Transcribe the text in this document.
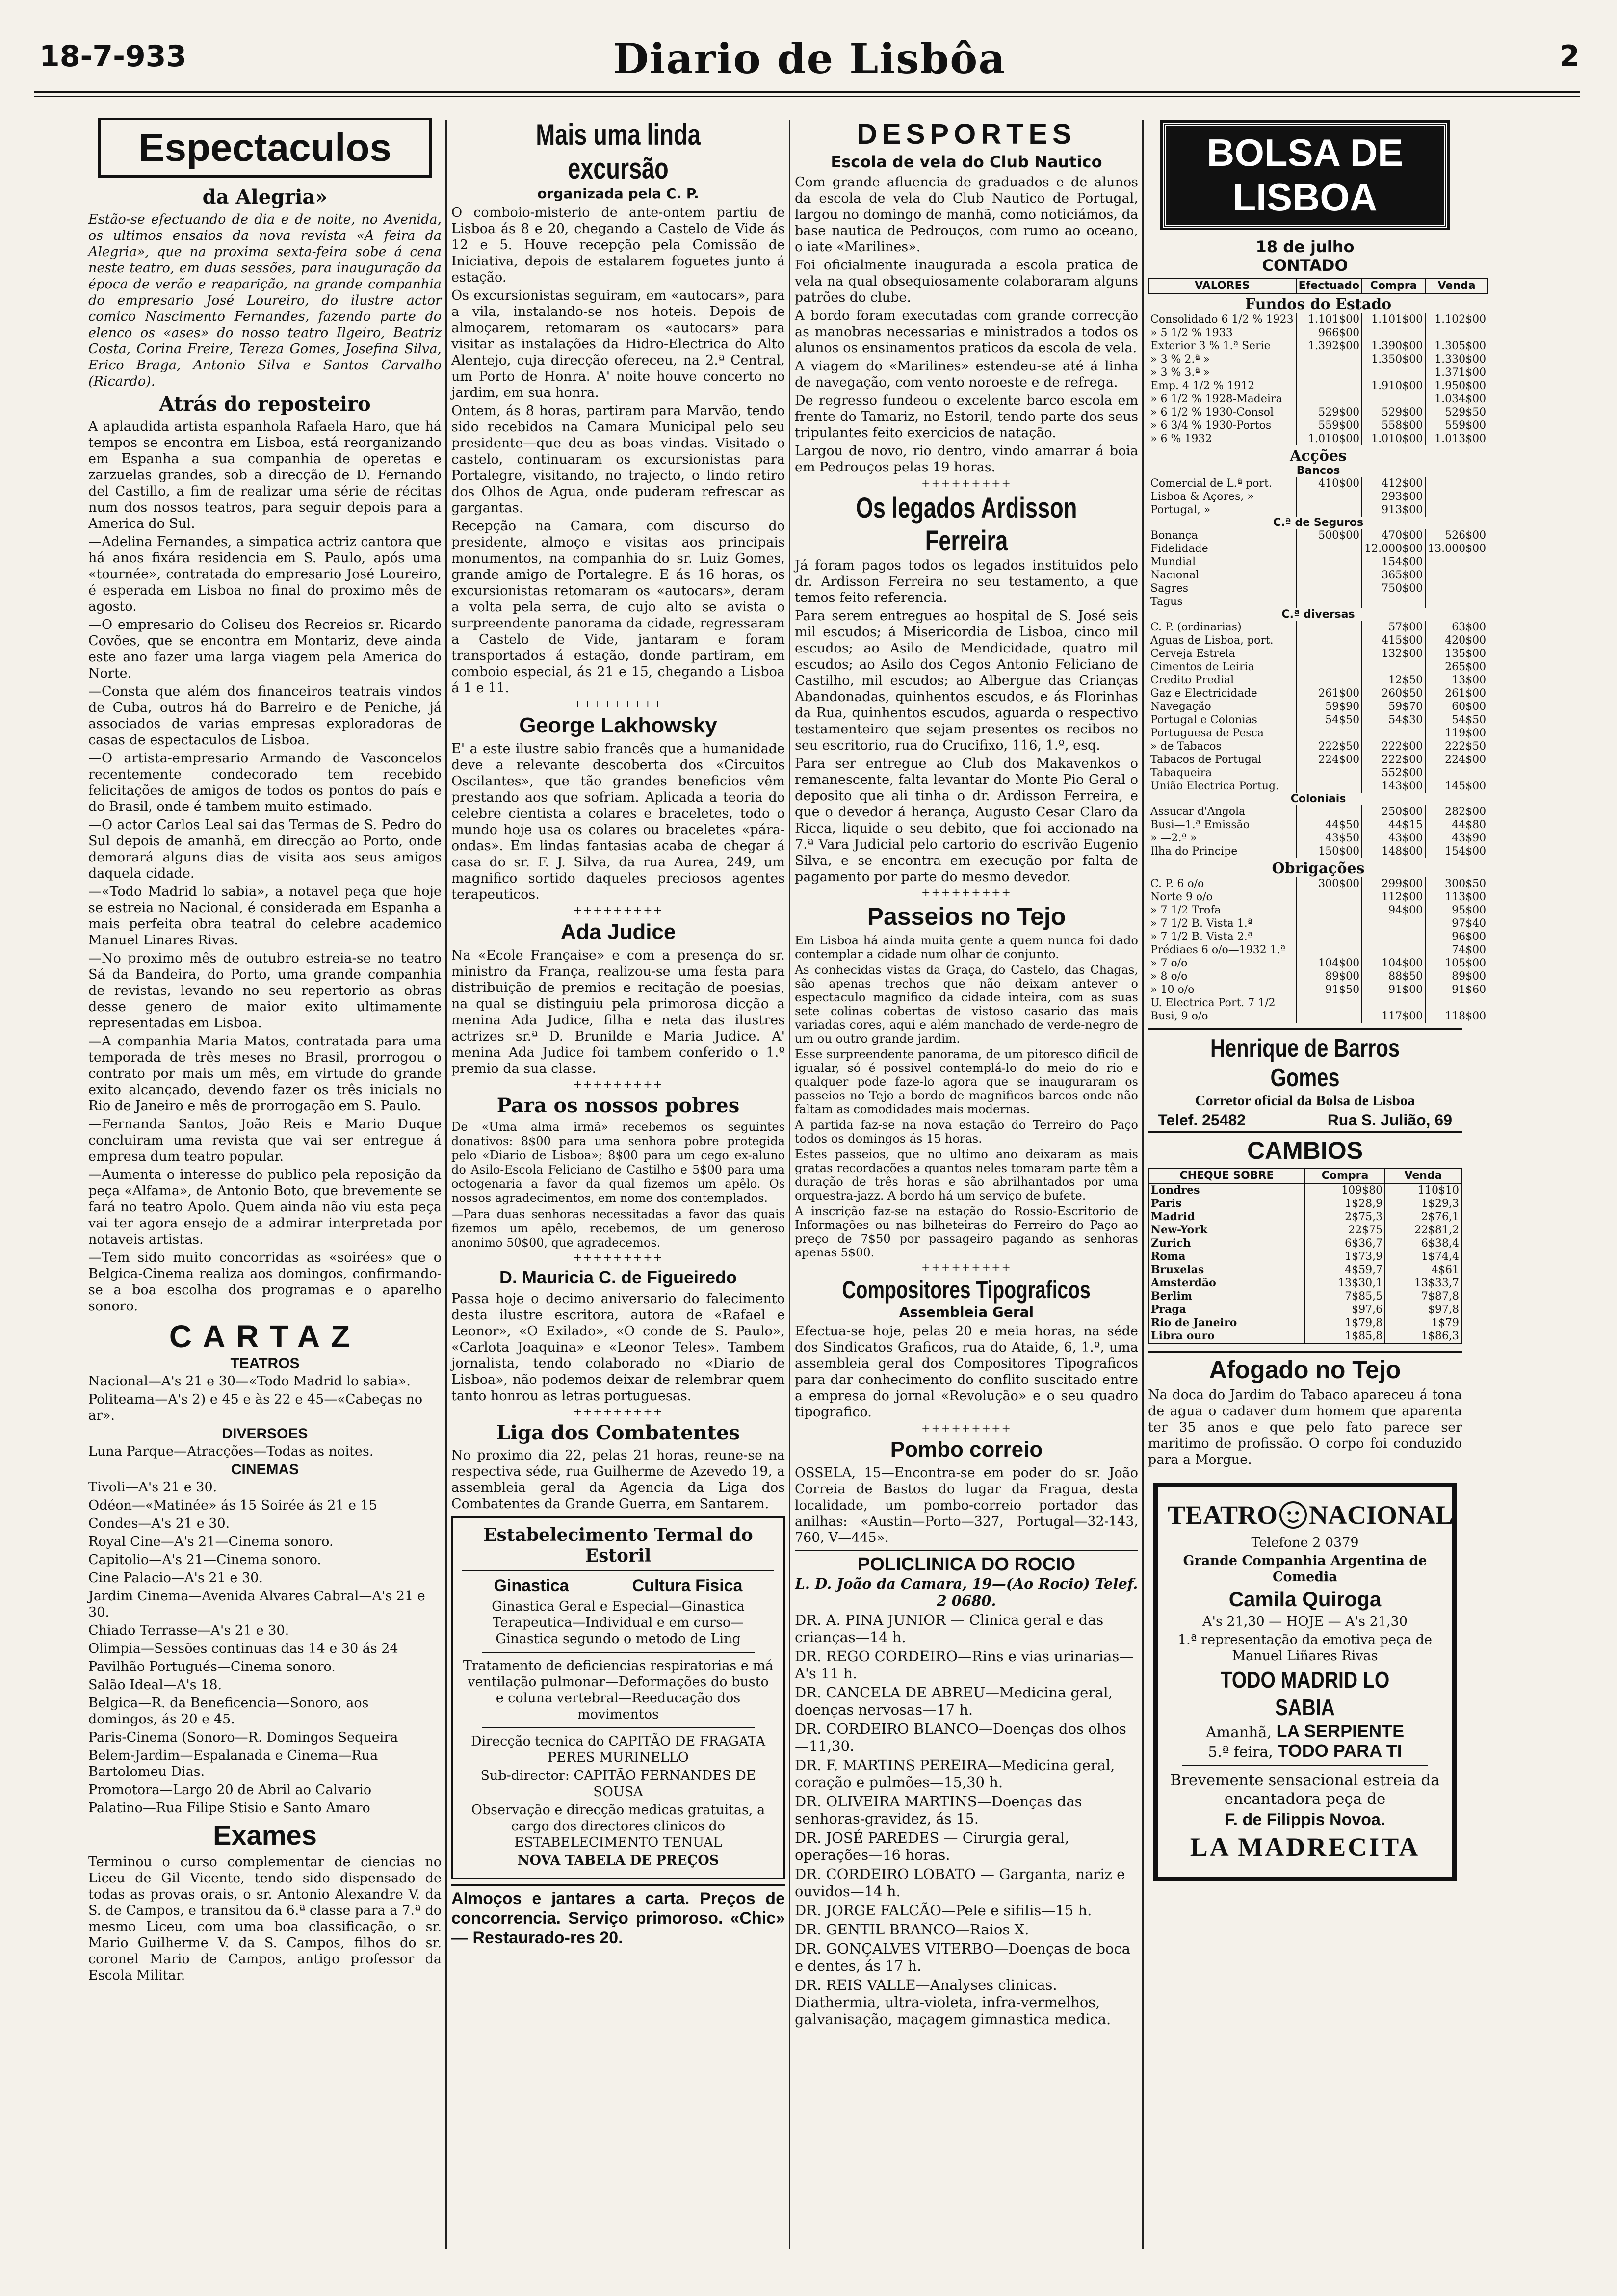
18-7-933	Diario de Lisbôa	2
Espectaculos
da Alegria»

Estão-se efectuando de dia e de noite, no Avenida, os ultimos ensaios da nova revista «A feira da Alegria», que na proxima sexta-feira sobe á cena neste teatro, em duas sessões, para inauguração da época de verão e reaparição, na grande companhia do empresario José Loureiro, do ilustre actor comico Nascimento Fernandes, fazendo parte do elenco os «ases» do nosso teatro Ilgeiro, Beatriz Costa, Corina Freire, Tereza Gomes, Josefina Silva, Erico Braga, Antonio Silva e Santos Carvalho (Ricardo).

Atrás do reposteiro

A aplaudida artista espanhola Rafaela Haro, que há tempos se encontra em Lisboa, está reorganizando em Espanha a sua companhia de operetas e zarzuelas grandes, sob a direcção de D. Fernando del Castillo, a fim de realizar uma série de récitas num dos nossos teatros, para seguir depois para a America do Sul.

—Adelina Fernandes, a simpatica actriz cantora que há anos fixára residencia em S. Paulo, após uma «tournée», contratada do empresario José Loureiro, é esperada em Lisboa no final do proximo mês de agosto.

—O empresario do Coliseu dos Recreios sr. Ricardo Covões, que se encontra em Montariz, deve ainda este ano fazer uma larga viagem pela America do Norte.

—Consta que além dos financeiros teatrais vindos de Cuba, outros há do Barreiro e de Peniche, já associados de varias empresas exploradoras de casas de espectaculos de Lisboa.

—O artista-empresario Armando de Vasconcelos recentemente condecorado tem recebido felicitações de amigos de todos os pontos do país e do Brasil, onde é tambem muito estimado.

—O actor Carlos Leal sai das Termas de S. Pedro do Sul depois de amanhã, em direcção ao Porto, onde demorará alguns dias de visita aos seus amigos daquela cidade.

—«Todo Madrid lo sabia», a notavel peça que hoje se estreia no Nacional, é considerada em Espanha a mais perfeita obra teatral do celebre academico Manuel Linares Rivas.

—No proximo mês de outubro estreia-se no teatro Sá da Bandeira, do Porto, uma grande companhia de revistas, levando no seu repertorio as obras desse genero de maior exito ultimamente representadas em Lisboa.

—A companhia Maria Matos, contratada para uma temporada de três meses no Brasil, prorrogou o contrato por mais um mês, em virtude do grande exito alcançado, devendo fazer os três inicials no Rio de Janeiro e mês de prorrogação em S. Paulo.

—Fernanda Santos, João Reis e Mario Duque concluiram uma revista que vai ser entregue á empresa dum teatro popular.

—Aumenta o interesse do publico pela reposição da peça «Alfama», de Antonio Boto, que brevemente se fará no teatro Apolo. Quem ainda não viu esta peça vai ter agora ensejo de a admirar interpretada por notaveis artistas.

—Tem sido muito concorridas as «soirées» que o Belgica-Cinema realiza aos domingos, confirmando-se a boa escolha dos programas e o aparelho sonoro.

CARTAZ
TEATROS

Nacional—A's 21 e 30—«Todo Madrid lo sabia».

Politeama—A's 2) e 45 e às 22 e 45—«Cabeças no ar».

DIVERSOES

Luna Parque—Atracções—Todas as noites.

CINEMAS

Tivoli—A's 21 e 30.

Odéon—«Matinée» ás 15 Soirée ás 21 e 15

Condes—A's 21 e 30.

Royal Cine—A's 21—Cinema sonoro.

Capitolio—A's 21—Cinema sonoro.

Cine Palacio—A's 21 e 30.

Jardim Cinema—Avenida Alvares Cabral—A's 21 e 30.

Chiado Terrasse—A's 21 e 30.

Olimpia—Sessões continuas das 14 e 30 ás 24

Pavilhão Portugués—Cinema sonoro.

Salão Ideal—A's 18.

Belgica—R. da Beneficencia—Sonoro, aos domingos, ás 20 e 45.

Paris-Cinema (Sonoro—R. Domingos Sequeira

Belem-Jardim—Espalanada e Cinema—Rua Bartolomeu Dias.

Promotora—Largo 20 de Abril ao Calvario

Palatino—Rua Filipe Stisio e Santo Amaro

Exames

Terminou o curso complementar de ciencias no Liceu de Gil Vicente, tendo sido dispensado de todas as provas orais, o sr. Antonio Alexandre V. da S. de Campos, e transitou da 6.ª classe para a 7.ª do mesmo Liceu, com uma boa classificação, o sr. Mario Guilherme V. da S. Campos, filhos do sr. coronel Mario de Campos, antigo professor da Escola Militar.

Mais uma linda excursão
organizada pela C. P.

O comboio-misterio de ante-ontem partiu de Lisboa ás 8 e 20, chegando a Castelo de Vide ás 12 e 5. Houve recepção pela Comissão de Iniciativa, depois de estalarem foguetes junto á estação.

Os excursionistas seguiram, em «autocars», para a vila, instalando-se nos hoteis. Depois de almoçarem, retomaram os «autocars» para visitar as instalações da Hidro-Electrica do Alto Alentejo, cuja direcção ofereceu, na 2.ª Central, um Porto de Honra. A' noite houve concerto no jardim, em sua honra.

Ontem, ás 8 horas, partiram para Marvão, tendo sido recebidos na Camara Municipal pelo seu presidente—que deu as boas vindas. Visitado o castelo, continuaram os excursionistas para Portalegre, visitando, no trajecto, o lindo retiro dos Olhos de Agua, onde puderam refrescar as gargantas.

Recepção na Camara, com discurso do presidente, almoço e visitas aos principais monumentos, na companhia do sr. Luiz Gomes, grande amigo de Portalegre. E ás 16 horas, os excursionistas retomaram os «autocars», deram a volta pela serra, de cujo alto se avista o surpreendente panorama da cidade, regressaram a Castelo de Vide, jantaram e foram transportados á estação, donde partiram, em comboio especial, ás 21 e 15, chegando a Lisboa á 1 e 11.

+++++++++
George Lakhowsky

E' a este ilustre sabio francês que a humanidade deve a relevante descoberta dos «Circuitos Oscilantes», que tão grandes beneficios vêm prestando aos que sofriam. Aplicada a teoria do celebre cientista a colares e braceletes, todo o mundo hoje usa os colares ou braceletes «pára-ondas». Em lindas fantasias acaba de chegar á casa do sr. F. J. Silva, da rua Aurea, 249, um magnifico sortido daqueles preciosos agentes terapeuticos.

+++++++++
Ada Judice

Na «Ecole Française» e com a presença do sr. ministro da França, realizou-se uma festa para distribuição de premios e recitação de poesias, na qual se distinguiu pela primorosa dicção a menina Ada Judice, filha e neta das ilustres actrizes sr.ª D. Brunilde e Maria Judice. A' menina Ada Judice foi tambem conferido o 1.º premio da sua classe.

+++++++++
Para os nossos pobres

De «Uma alma irmã» recebemos os seguintes donativos: 8$00 para uma senhora pobre protegida pelo «Diario de Lisboa»; 8$00 para um cego ex-aluno do Asilo-Escola Feliciano de Castilho e 5$00 para uma octogenaria a favor da qual fizemos um apêlo. Os nossos agradecimentos, em nome dos contemplados.

—Para duas senhoras necessitadas a favor das quais fizemos um apêlo, recebemos, de um generoso anonimo 50$00, que agradecemos.

+++++++++
D. Mauricia C. de Figueiredo

Passa hoje o decimo aniversario do falecimento desta ilustre escritora, autora de «Rafael e Leonor», «O Exilado», «O conde de S. Paulo», «Carlota Joaquina» e «Leonor Teles». Tambem jornalista, tendo colaborado no «Diario de Lisboa», não podemos deixar de relembrar quem tanto honrou as letras portuguesas.

+++++++++
Liga dos Combatentes

No proximo dia 22, pelas 21 horas, reune-se na respectiva séde, rua Guilherme de Azevedo 19, a assembleia geral da Agencia da Liga dos Combatentes da Grande Guerra, em Santarem.

Estabelecimento Termal do Estoril
Ginastica	Cultura Fisica

Ginastica Geral e Especial—Ginastica Terapeutica—Individual e em curso—Ginastica segundo o metodo de Ling

Tratamento de deficiencias respiratorias e má ventilação pulmonar—Deformações do busto e coluna vertebral—Reeducação dos movimentos

Direcção tecnica do CAPITÃO DE FRAGATA PERES MURINELLO

Sub-director: CAPITÃO FERNANDES DE SOUSA

Observação e direcção medicas gratuitas, a cargo dos directores clinicos do ESTABELECIMENTO TENUAL

NOVA TABELA DE PREÇOS

Almoços e jantares a carta. Preços de concorrencia. Serviço primoroso. «Chic» — Restaurado-res 20.

DESPORTES
Escola de vela do Club Nautico

Com grande afluencia de graduados e de alunos da escola de vela do Club Nautico de Portugal, largou no domingo de manhã, como noticiámos, da base nautica de Pedrouços, com rumo ao oceano, o iate «Marilines».

Foi oficialmente inaugurada a escola pratica de vela na qual obsequiosamente colaboraram alguns patrões do clube.

A bordo foram executadas com grande correcção as manobras necessarias e ministrados a todos os alunos os ensinamentos praticos da escola de vela.

A viagem do «Marilines» estendeu-se até á linha de navegação, com vento noroeste e de refrega.

De regresso fundeou o excelente barco escola em frente do Tamariz, no Estoril, tendo parte dos seus tripulantes feito exercicios de natação.

Largou de novo, rio dentro, vindo amarrar á boia em Pedrouços pelas 19 horas.

+++++++++
Os legados Ardisson Ferreira

Já foram pagos todos os legados instituidos pelo dr. Ardisson Ferreira no seu testamento, a que temos feito referencia.

Para serem entregues ao hospital de S. José seis mil escudos; á Misericordia de Lisboa, cinco mil escudos; ao Asilo de Mendicidade, quatro mil escudos; ao Asilo dos Cegos Antonio Feliciano de Castilho, mil escudos; ao Albergue das Crianças Abandonadas, quinhentos escudos, e ás Florinhas da Rua, quinhentos escudos, aguarda o respectivo testamenteiro que sejam presentes os recibos no seu escritorio, rua do Crucifixo, 116, 1.º, esq.

Para ser entregue ao Club dos Makavenkos o remanescente, falta levantar do Monte Pio Geral o deposito que ali tinha o dr. Ardisson Ferreira, e que o devedor á herança, Augusto Cesar Claro da Ricca, liquide o seu debito, que foi accionado na 7.ª Vara Judicial pelo cartorio do escrivão Eugenio Silva, e se encontra em execução por falta de pagamento por parte do mesmo devedor.

+++++++++
Passeios no Tejo

Em Lisboa há ainda muita gente a quem nunca foi dado contemplar a cidade num olhar de conjunto.

As conhecidas vistas da Graça, do Castelo, das Chagas, são apenas trechos que não deixam antever o espectaculo magnifico da cidade inteira, com as suas sete colinas cobertas de vistoso casario das mais variadas cores, aqui e além manchado de verde-negro de um ou outro grande jardim.

Esse surpreendente panorama, de um pitoresco dificil de igualar, só é possivel contemplá-lo do meio do rio e qualquer pode faze-lo agora que se inauguraram os passeios no Tejo a bordo de magnificos barcos onde não faltam as comodidades mais modernas.

A partida faz-se na nova estação do Terreiro do Paço todos os domingos ás 15 horas.

Estes passeios, que no ultimo ano deixaram as mais gratas recordações a quantos neles tomaram parte têm a duração de três horas e são abrilhantados por uma orquestra-jazz. A bordo há um serviço de bufete.

A inscrição faz-se na estação do Rossio-Escritorio de Informações ou nas bilheteiras do Ferreiro do Paço ao preço de 7$50 por passageiro pagando as senhoras apenas 5$00.

+++++++++
Compositores Tipograficos
Assembleia Geral

Efectua-se hoje, pelas 20 e meia horas, na séde dos Sindicatos Graficos, rua do Ataide, 6, 1.º, uma assembleia geral dos Compositores Tipograficos para dar conhecimento do conflito suscitado entre a empresa do jornal «Revolução» e o seu quadro tipografico.

+++++++++
Pombo correio

OSSELA, 15—Encontra-se em poder do sr. João Correia de Bastos do lugar da Fragua, desta localidade, um pombo-correio portador das anilhas: «Austin—Porto—327, Portugal—32-143, 760, V—445».

POLICLINICA DO ROCIO

L. D. João da Camara, 19—(Ao Rocio) Telef. 2 0680.

DR. A. PINA JUNIOR — Clinica geral e das crianças—14 h.

DR. REGO CORDEIRO—Rins e vias urinarias—A's 11 h.

DR. CANCELA DE ABREU—Medicina geral, doenças nervosas—17 h.

DR. CORDEIRO BLANCO—Doenças dos olhos—11,30.

DR. F. MARTINS PEREIRA—Medicina geral, coração e pulmões—15,30 h.

DR. OLIVEIRA MARTINS—Doenças das senhoras-gravidez, ás 15.

DR. JOSÉ PAREDES — Cirurgia geral, operações—16 horas.

DR. CORDEIRO LOBATO — Garganta, nariz e ouvidos—14 h.

DR. JORGE FALCÃO—Pele e sifilis—15 h.

DR. GENTIL BRANCO—Raios X.

DR. GONÇALVES VITERBO—Doenças de boca e dentes, ás 17 h.

DR. REIS VALLE—Analyses clinicas. Diathermia, ultra-violeta, infra-vermelhos, galvanisação, maçagem gimnastica medica.

BOLSA DE LISBOA
18 de julho
CONTADO
VALORES	Efectuado	Compra	Venda
Fundos do Estado			
Consolidado 6 1/2 % 1923	1.101$00	1.101$00	1.102$00
» 5 1/2 % 1933	966$00		
Exterior 3 % 1.ª Serie	1.392$00	1.390$00	1.305$00
» 3 % 2.ª »		1.350$00	1.330$00
» 3 % 3.ª »			1.371$00
Emp. 4 1/2 % 1912		1.910$00	1.950$00
» 6 1/2 % 1928-Madeira			1.034$00
» 6 1/2 % 1930-Consol	529$00	529$00	529$50
» 6 3/4 % 1930-Portos	559$00	558$00	559$00
» 6 % 1932	1.010$00	1.010$00	1.013$00
Acções			
Bancos			
Comercial de L.ª port.	410$00	412$00	
Lisboa & Açores, »		293$00	
Portugal, »		913$00	
C.ª de Seguros			
Bonança	500$00	470$00	526$00
Fidelidade		12.000$00	13.000$00
Mundial		154$00	
Nacional		365$00	
Sagres		750$00	
Tagus			
C.ª diversas			
C. P. (ordinarias)		57$00	63$00
Aguas de Lisboa, port.		415$00	420$00
Cerveja Estrela		132$00	135$00
Cimentos de Leiria			265$00
Credito Predial		12$50	13$00
Gaz e Electricidade	261$00	260$50	261$00
Navegação	59$90	59$70	60$00
Portugal e Colonias	54$50	54$30	54$50
Portuguesa de Pesca			119$00
» de Tabacos	222$50	222$00	222$50
Tabacos de Portugal	224$00	222$00	224$00
Tabaqueira		552$00	
União Electrica Portug.		143$00	145$00
Coloniais			
Assucar d'Angola		250$00	282$00
Busi—1.ª Emissão	44$50	44$15	44$80
» —2.ª »	43$50	43$00	43$90
Ilha do Principe	150$00	148$00	154$00
Obrigações			
C. P. 6 o/o	300$00	299$00	300$50
Norte 9 o/o		112$00	113$00
» 7 1/2 Trofa		94$00	95$00
» 7 1/2 B. Vista 1.ª			97$40
» 7 1/2 B. Vista 2.ª			96$00
Prédiaes 6 o/o—1932 1.ª			74$00
» 7 o/o	104$00	104$00	105$00
» 8 o/o	89$00	88$50	89$00
» 10 o/o	91$50	91$00	91$60
U. Electrica Port. 7 1/2			
Busi, 9 o/o		117$00	118$00
Henrique de Barros Gomes
Corretor oficial da Bolsa de Lisboa
Telef. 25482	Rua S. Julião, 69
CAMBIOS
CHEQUE SOBRE	Compra	Venda
Londres	109$80	110$10
Paris	1$28,9	1$29,3
Madrid	2$75,3	2$76,1
New-York	22$75	22$81,2
Zurich	6$36,7	6$38,4
Roma	1$73,9	1$74,4
Bruxelas	4$59,7	4$61
Amsterdão	13$30,1	13$33,7
Berlim	7$85,5	7$87,8
Praga	$97,6	$97,8
Rio de Janeiro	1$79,8	1$79
Libra ouro	1$85,8	1$86,3
Afogado no Tejo

Na doca do Jardim do Tabaco apareceu á tona de agua o cadaver dum homem que aparenta ter 35 anos e que pelo fato parece ser maritimo de profissão. O corpo foi conduzido para a Morgue.

TEATRO NACIONAL

Telefone 2 0379

Grande Companhia Argentina de Comedia

Camila Quiroga

A's 21,30 — HOJE — A's 21,30

1.ª representação da emotiva peça de Manuel Liñares Rivas

TODO MADRID LO SABIA

Amanhã, LA SERPIENTE

5.ª feira, TODO PARA TI

Brevemente sensacional estreia da encantadora peça de

F. de Filippis Novoa.

LA MADRECITA
